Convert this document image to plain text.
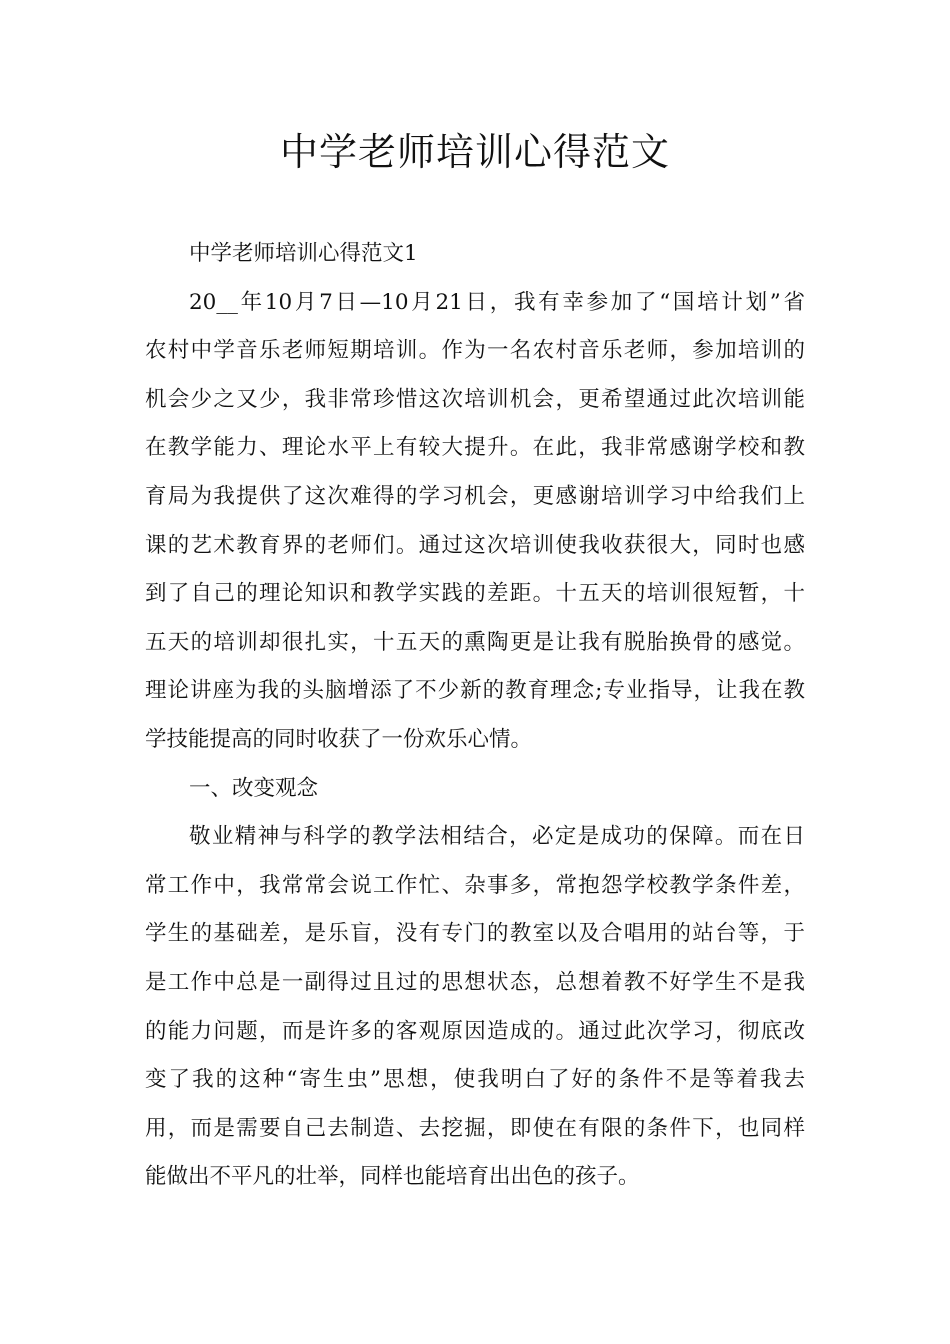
中学老师培训心得范文
中学老师培训心得范文1
20__年10月7日—10月21日，我有幸参加了“国培计划”省
农村中学音乐老师短期培训。作为一名农村音乐老师，参加培训的
机会少之又少，我非常珍惜这次培训机会，更希望通过此次培训能
在教学能力、理论水平上有较大提升。在此，我非常感谢学校和教
育局为我提供了这次难得的学习机会，更感谢培训学习中给我们上
课的艺术教育界的老师们。通过这次培训使我收获很大，同时也感
到了自己的理论知识和教学实践的差距。十五天的培训很短暂，十
五天的培训却很扎实，十五天的熏陶更是让我有脱胎换骨的感觉。
理论讲座为我的头脑增添了不少新的教育理念;专业指导，让我在教
学技能提高的同时收获了一份欢乐心情。
一、改变观念
敬业精神与科学的教学法相结合，必定是成功的保障。而在日
常工作中，我常常会说工作忙、杂事多，常抱怨学校教学条件差，
学生的基础差，是乐盲，没有专门的教室以及合唱用的站台等，于
是工作中总是一副得过且过的思想状态，总想着教不好学生不是我
的能力问题，而是许多的客观原因造成的。通过此次学习，彻底改
变了我的这种“寄生虫”思想，使我明白了好的条件不是等着我去
用，而是需要自己去制造、去挖掘，即使在有限的条件下，也同样
能做出不平凡的壮举，同样也能培育出出色的孩子。
